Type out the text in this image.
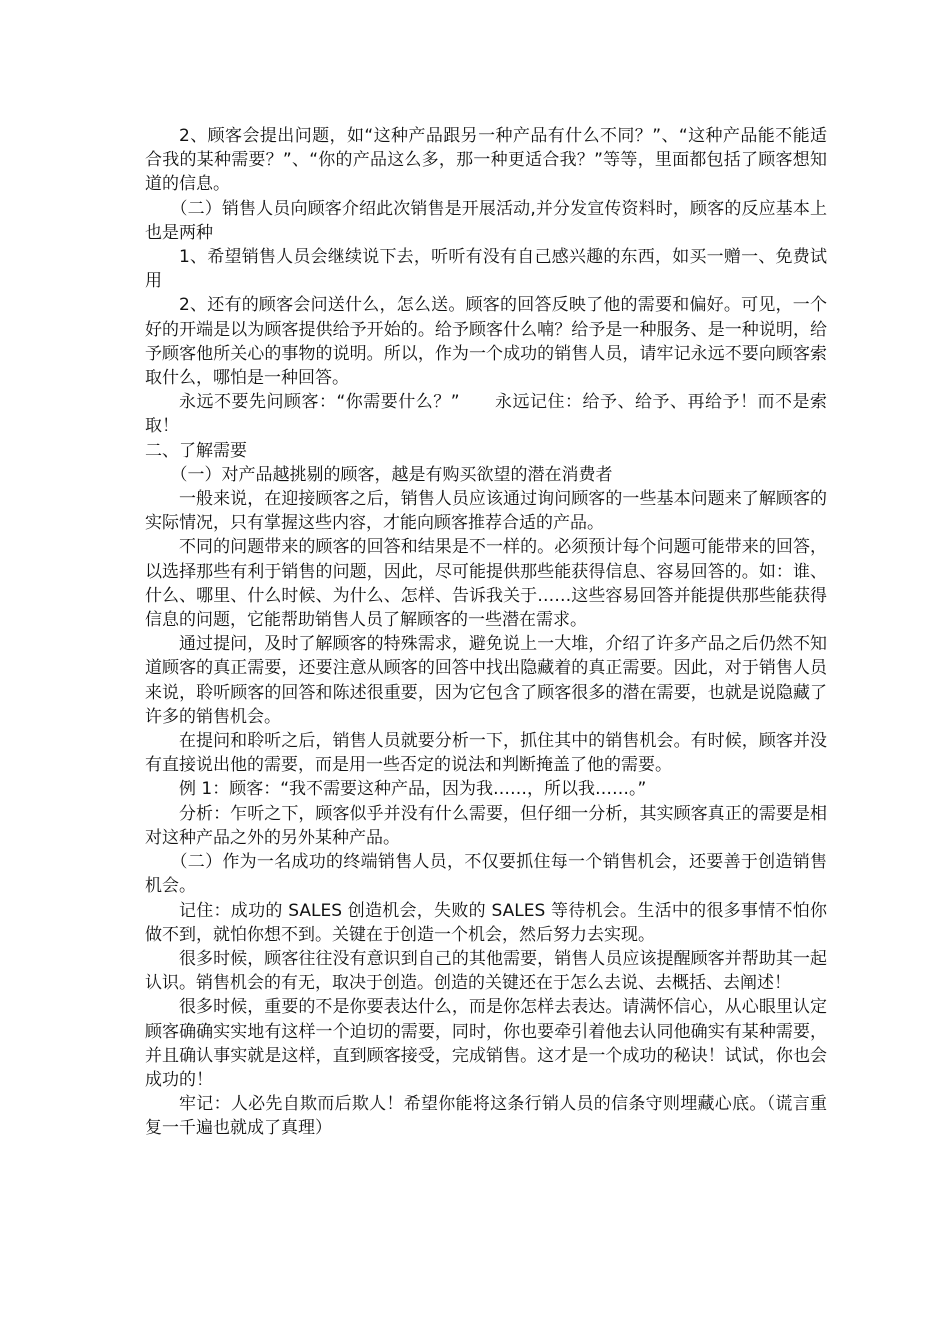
2、顾客会提出问题，如“这种产品跟另一种产品有什么不同？”、“这种产品能不能适合我的某种需要？”、“你的产品这么多，那一种更适合我？”等等，里面都包括了顾客想知道的信息。

（二）销售人员向顾客介绍此次销售是开展活动,并分发宣传资料时，顾客的反应基本上也是两种

1、希望销售人员会继续说下去，听听有没有自己感兴趣的东西，如买一赠一、免费试用

2、还有的顾客会问送什么，怎么送。顾客的回答反映了他的需要和偏好。可见，一个好的开端是以为顾客提供给予开始的。给予顾客什么喃？给予是一种服务、是一种说明，给予顾客他所关心的事物的说明。所以，作为一个成功的销售人员，请牢记永远不要向顾客索取什么，哪怕是一种回答。

永远不要先问顾客：“你需要什么？”　　永远记住：给予、给予、再给予！而不是索取！

二、了解需要

（一）对产品越挑剔的顾客，越是有购买欲望的潜在消费者

一般来说，在迎接顾客之后，销售人员应该通过询问顾客的一些基本问题来了解顾客的实际情况，只有掌握这些内容，才能向顾客推荐合适的产品。

不同的问题带来的顾客的回答和结果是不一样的。必须预计每个问题可能带来的回答，以选择那些有利于销售的问题，因此，尽可能提供那些能获得信息、容易回答的。如：谁、什么、哪里、什么时候、为什么、怎样、告诉我关于……这些容易回答并能提供那些能获得信息的问题，它能帮助销售人员了解顾客的一些潜在需求。

通过提问，及时了解顾客的特殊需求，避免说上一大堆，介绍了许多产品之后仍然不知道顾客的真正需要，还要注意从顾客的回答中找出隐藏着的真正需要。因此，对于销售人员来说，聆听顾客的回答和陈述很重要，因为它包含了顾客很多的潜在需要，也就是说隐藏了许多的销售机会。

在提问和聆听之后，销售人员就要分析一下，抓住其中的销售机会。有时候，顾客并没有直接说出他的需要，而是用一些否定的说法和判断掩盖了他的需要。

例 1：顾客：“我不需要这种产品，因为我……，所以我……。”

分析：乍听之下，顾客似乎并没有什么需要，但仔细一分析，其实顾客真正的需要是相对这种产品之外的另外某种产品。

（二）作为一名成功的终端销售人员，不仅要抓住每一个销售机会，还要善于创造销售机会。

记住：成功的 SALES 创造机会，失败的 SALES 等待机会。生活中的很多事情不怕你做不到，就怕你想不到。关键在于创造一个机会，然后努力去实现。

很多时候，顾客往往没有意识到自己的其他需要，销售人员应该提醒顾客并帮助其一起认识。销售机会的有无，取决于创造。创造的关键还在于怎么去说、去概括、去阐述！

很多时候，重要的不是你要表达什么，而是你怎样去表达。请满怀信心，从心眼里认定顾客确确实实地有这样一个迫切的需要，同时，你也要牵引着他去认同他确实有某种需要，并且确认事实就是这样，直到顾客接受，完成销售。这才是一个成功的秘诀！试试，你也会成功的！

牢记：人必先自欺而后欺人！希望你能将这条行销人员的信条守则埋藏心底。（谎言重复一千遍也就成了真理）
